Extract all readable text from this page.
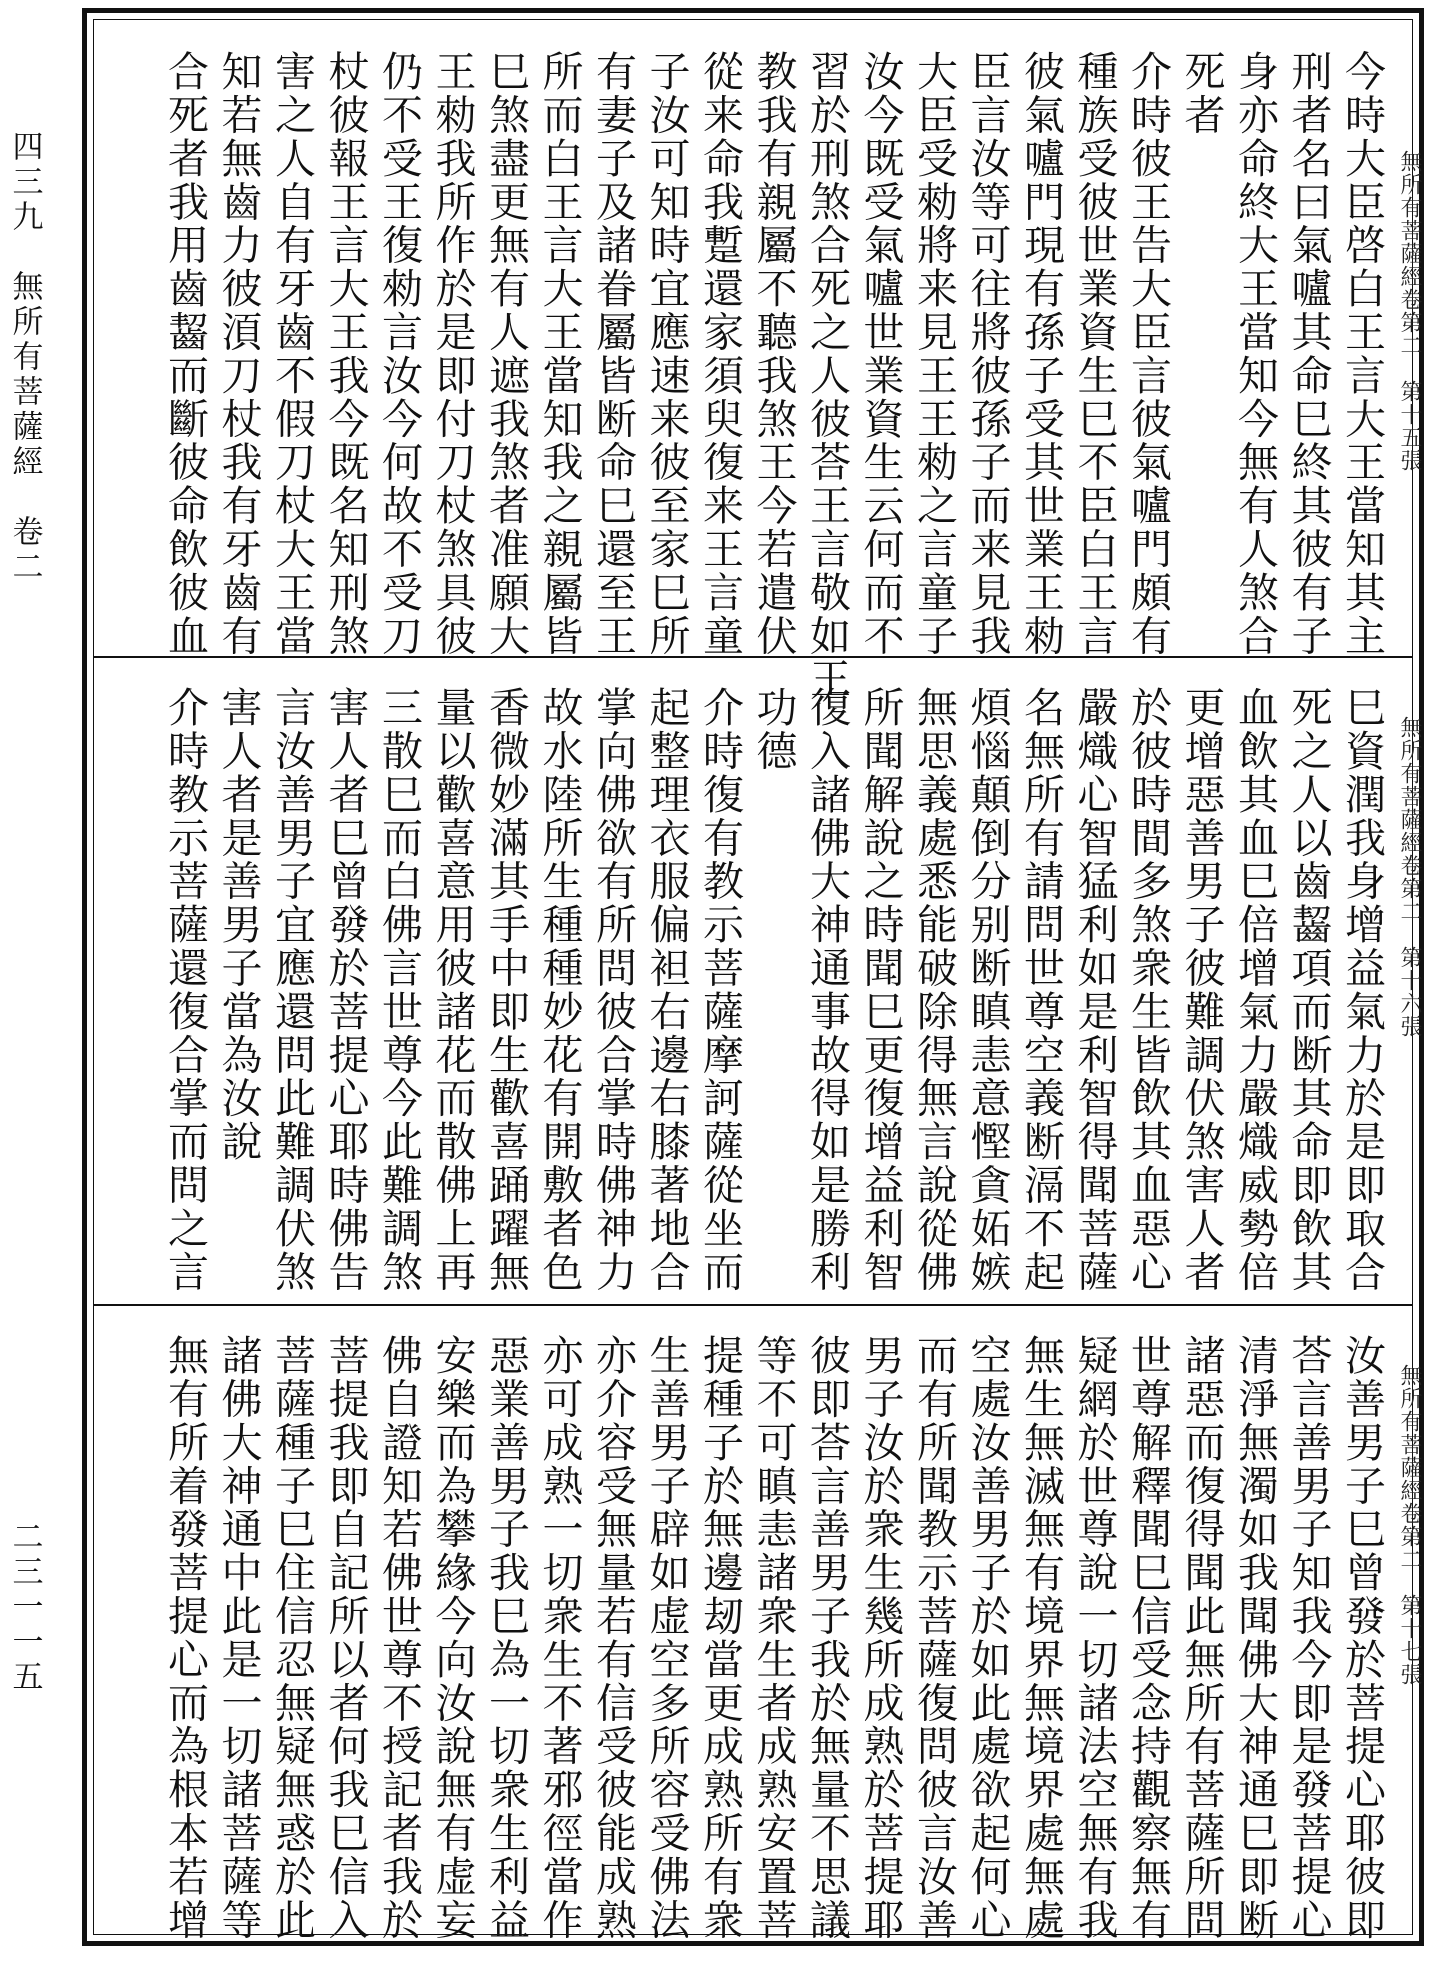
四三九　無所有菩薩經　卷二
二三一一五
無所有菩薩經卷第二　第十五張
今時大臣啓白王言大王當知其主
刑者名曰氣嚧其命巳終其彼有子
身亦命終大王當知今無有人煞合
死者
介時彼王告大臣言彼氣嚧門頗有
種族受彼世業資生巳不臣白王言
彼氣嚧門現有孫子受其世業王勑
臣言汝等可往將彼孫子而来見我
大臣受勑將来見王王勑之言童子
汝今既受氣嚧世業資生云何而不
習於刑煞合死之人彼荅王言敬如王
教我有親屬不聽我煞王今若遣伏
從来命我蹔還家須臾復来王言童
子汝可知時宜應速来彼至家巳所
有妻子及諸眷屬皆断命巳還至王
所而白王言大王當知我之親屬皆
巳煞盡更無有人遮我煞者准願大
王勑我所作於是即付刀杖煞具彼
仍不受王復勑言汝今何故不受刀
杖彼報王言大王我今既名知刑煞
害之人自有牙齒不假刀杖大王當
知若無齒力彼湏刀杖我有牙齒有
合死者我用齒齧而斷彼命飲彼血
無所有菩薩經卷第二　第十六張
巳資潤我身增益氣力於是即取合
死之人以齒齧項而断其命即飲其
血飲其血巳倍增氣力嚴熾威勢倍
更增惡善男子彼難調伏煞害人者
於彼時間多煞衆生皆飲其血惡心
嚴熾心智猛利如是利智得聞菩薩
名無所有請問世尊空義断滆不起
煩惱顛倒分别断瞋恚意慳貪妬嫉
無思義處悉能破除得無言說從佛
所聞解說之時聞巳更復增益利智
復入諸佛大神通事故得如是勝利
功德
介時復有教示菩薩摩訶薩從坐而
起整理衣服偏袒右邊右膝著地合
掌向佛欲有所問彼合掌時佛神力
故水陸所生種種妙花有開敷者色
香微妙滿其手中即生歡喜踊躍無
量以歡喜意用彼諸花而散佛上再
三散巳而白佛言世尊今此難調煞
害人者巳曾發於菩提心耶時佛告
言汝善男子宜應還問此難調伏煞
害人者是善男子當為汝說
介時教示菩薩還復合掌而問之言
無所有菩薩經卷第二　第十七張
汝善男子巳曾發於菩提心耶彼即
荅言善男子知我今即是發菩提心
清淨無濁如我聞佛大神通巳即断
諸惡而復得聞此無所有菩薩所問
世尊解釋聞巳信受念持觀察無有
疑網於世尊說一切諸法空無有我
無生無滅無有境界無境界處無處
空處汝善男子於如此處欲起何心
而有所聞教示菩薩復問彼言汝善
男子汝於衆生幾所成熟於菩提耶
彼即荅言善男子我於無量不思議
等不可瞋恚諸衆生者成熟安置菩
提種子於無邊刼當更成熟所有衆
生善男子辟如虚空多所容受佛法
亦介容受無量若有信受彼能成熟
亦可成熟一切衆生不著邪徑當作
惡業善男子我巳為一切衆生利益
安樂而為攀緣今向汝說無有虚妄
佛自證知若佛世尊不授記者我於
菩提我即自記所以者何我巳信入
菩薩種子巳住信忍無疑無惑於此
諸佛大神通中此是一切諸菩薩等
無有所着發菩提心而為根本若增
